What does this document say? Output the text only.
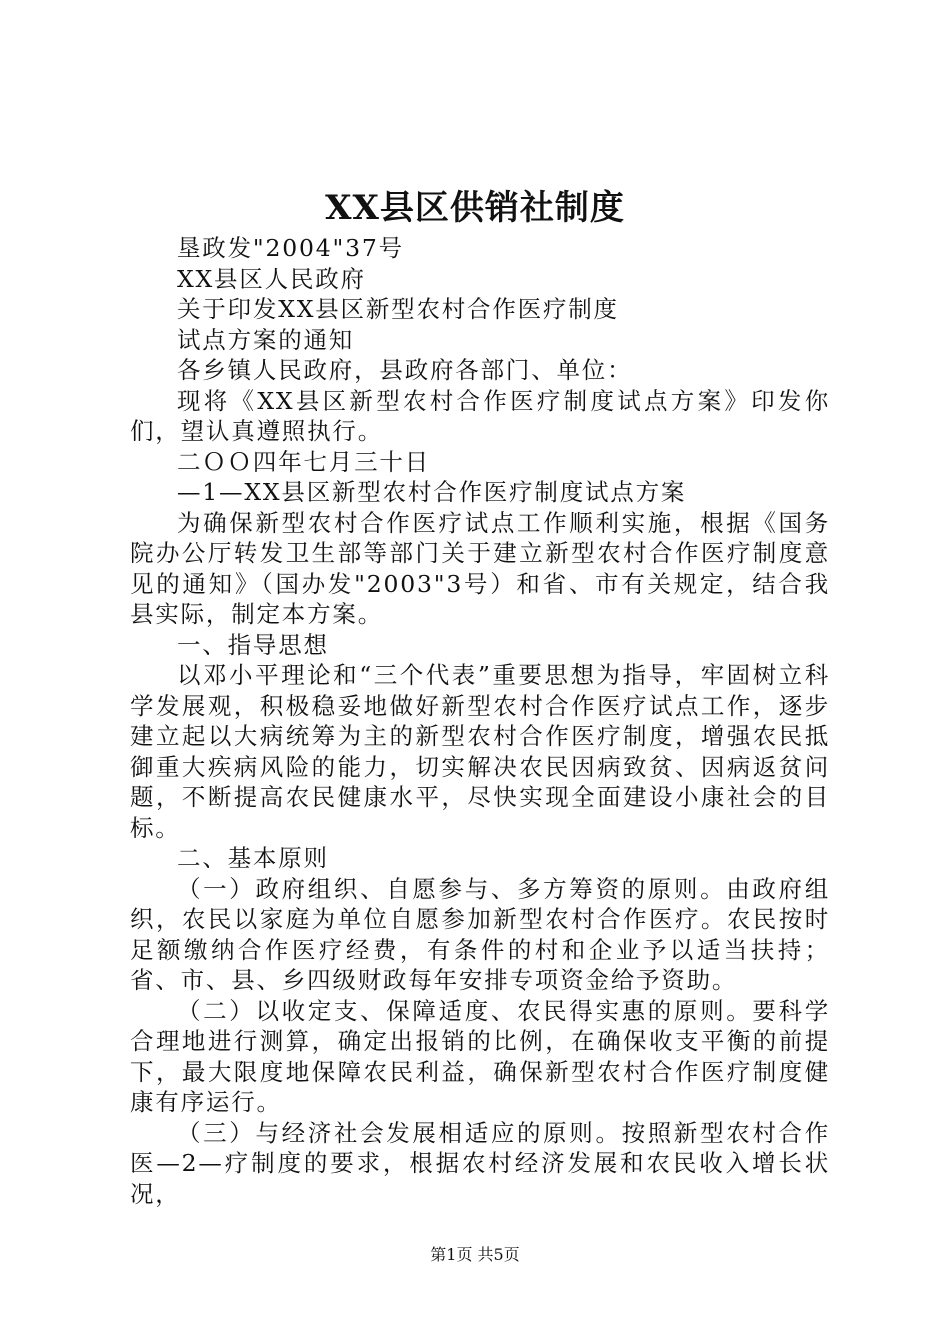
XX县区供销社制度

垦政发"2004"37号

XX县区人民政府

关于印发XX县区新型农村合作医疗制度

试点方案的通知

各乡镇人民政府，县政府各部门、单位：

现将《XX县区新型农村合作医疗制度试点方案》印发你们，望认真遵照执行。

二ＯＯ四年七月三十日

—1—XX县区新型农村合作医疗制度试点方案

为确保新型农村合作医疗试点工作顺利实施，根据《国务院办公厅转发卫生部等部门关于建立新型农村合作医疗制度意见的通知》（国办发"2003"3号）和省、市有关规定，结合我县实际，制定本方案。

一、指导思想

以邓小平理论和“三个代表”重要思想为指导，牢固树立科学发展观，积极稳妥地做好新型农村合作医疗试点工作，逐步建立起以大病统筹为主的新型农村合作医疗制度，增强农民抵御重大疾病风险的能力，切实解决农民因病致贫、因病返贫问题，不断提高农民健康水平，尽快实现全面建设小康社会的目标。

二、基本原则

（一）政府组织、自愿参与、多方筹资的原则。由政府组织，农民以家庭为单位自愿参加新型农村合作医疗。农民按时足额缴纳合作医疗经费，有条件的村和企业予以适当扶持；省、市、县、乡四级财政每年安排专项资金给予资助。

（二）以收定支、保障适度、农民得实惠的原则。要科学合理地进行测算，确定出报销的比例，在确保收支平衡的前提下，最大限度地保障农民利益，确保新型农村合作医疗制度健康有序运行。

（三）与经济社会发展相适应的原则。按照新型农村合作医—2—疗制度的要求，根据农村经济发展和农民收入增长状况，

第1页 共5页
